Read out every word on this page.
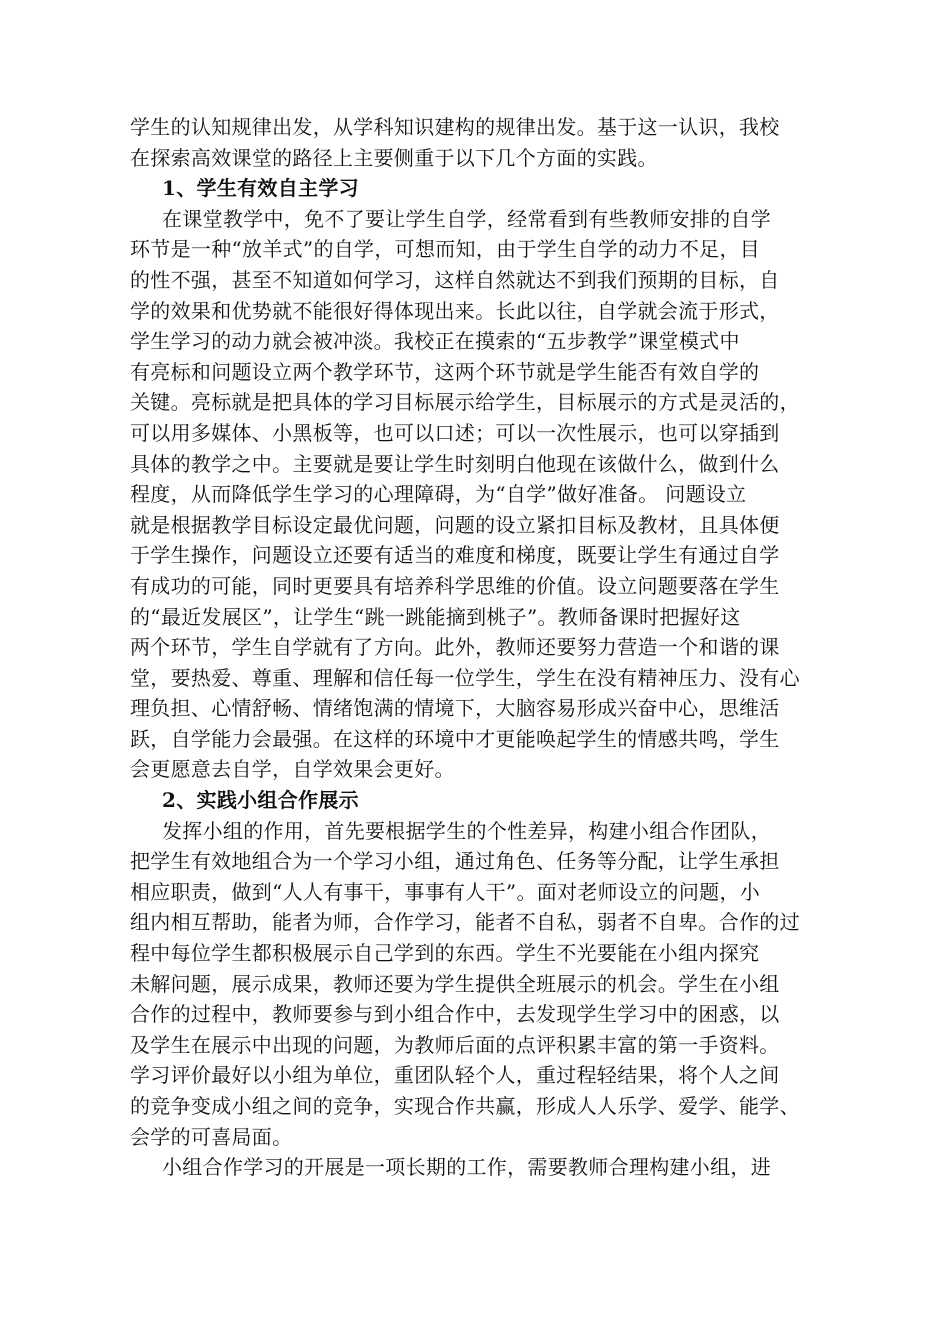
学生的认知规律出发，从学科知识建构的规律出发。基于这一认识，我校
在探索高效课堂的路径上主要侧重于以下几个方面的实践。
1、学生有效自主学习
在课堂教学中，免不了要让学生自学，经常看到有些教师安排的自学
环节是一种“放羊式”的自学，可想而知，由于学生自学的动力不足，目
的性不强，甚至不知道如何学习，这样自然就达不到我们预期的目标，自
学的效果和优势就不能很好得体现出来。长此以往，自学就会流于形式，
学生学习的动力就会被冲淡。我校正在摸索的“五步教学”课堂模式中
有亮标和问题设立两个教学环节，这两个环节就是学生能否有效自学的
关键。亮标就是把具体的学习目标展示给学生，目标展示的方式是灵活的，
可以用多媒体、小黑板等，也可以口述；可以一次性展示，也可以穿插到
具体的教学之中。主要就是要让学生时刻明白他现在该做什么，做到什么
程度，从而降低学生学习的心理障碍，为“自学”做好准备。 问题设立
就是根据教学目标设定最优问题，问题的设立紧扣目标及教材，且具体便
于学生操作，问题设立还要有适当的难度和梯度，既要让学生有通过自学
有成功的可能，同时更要具有培养科学思维的价值。设立问题要落在学生
的“最近发展区”，让学生“跳一跳能摘到桃子”。教师备课时把握好这
两个环节，学生自学就有了方向。此外，教师还要努力营造一个和谐的课
堂，要热爱、尊重、理解和信任每一位学生，学生在没有精神压力、没有心
理负担、心情舒畅、情绪饱满的情境下，大脑容易形成兴奋中心，思维活
跃，自学能力会最强。在这样的环境中才更能唤起学生的情感共鸣，学生
会更愿意去自学，自学效果会更好。
2、实践小组合作展示
发挥小组的作用，首先要根据学生的个性差异，构建小组合作团队，
把学生有效地组合为一个学习小组，通过角色、任务等分配，让学生承担
相应职责，做到“人人有事干，事事有人干”。面对老师设立的问题，小
组内相互帮助，能者为师，合作学习，能者不自私，弱者不自卑。合作的过
程中每位学生都积极展示自己学到的东西。学生不光要能在小组内探究
未解问题，展示成果，教师还要为学生提供全班展示的机会。学生在小组
合作的过程中，教师要参与到小组合作中，去发现学生学习中的困惑，以
及学生在展示中出现的问题，为教师后面的点评积累丰富的第一手资料。
学习评价最好以小组为单位，重团队轻个人，重过程轻结果，将个人之间
的竞争变成小组之间的竞争，实现合作共赢，形成人人乐学、爱学、能学、
会学的可喜局面。
小组合作学习的开展是一项长期的工作，需要教师合理构建小组，进
